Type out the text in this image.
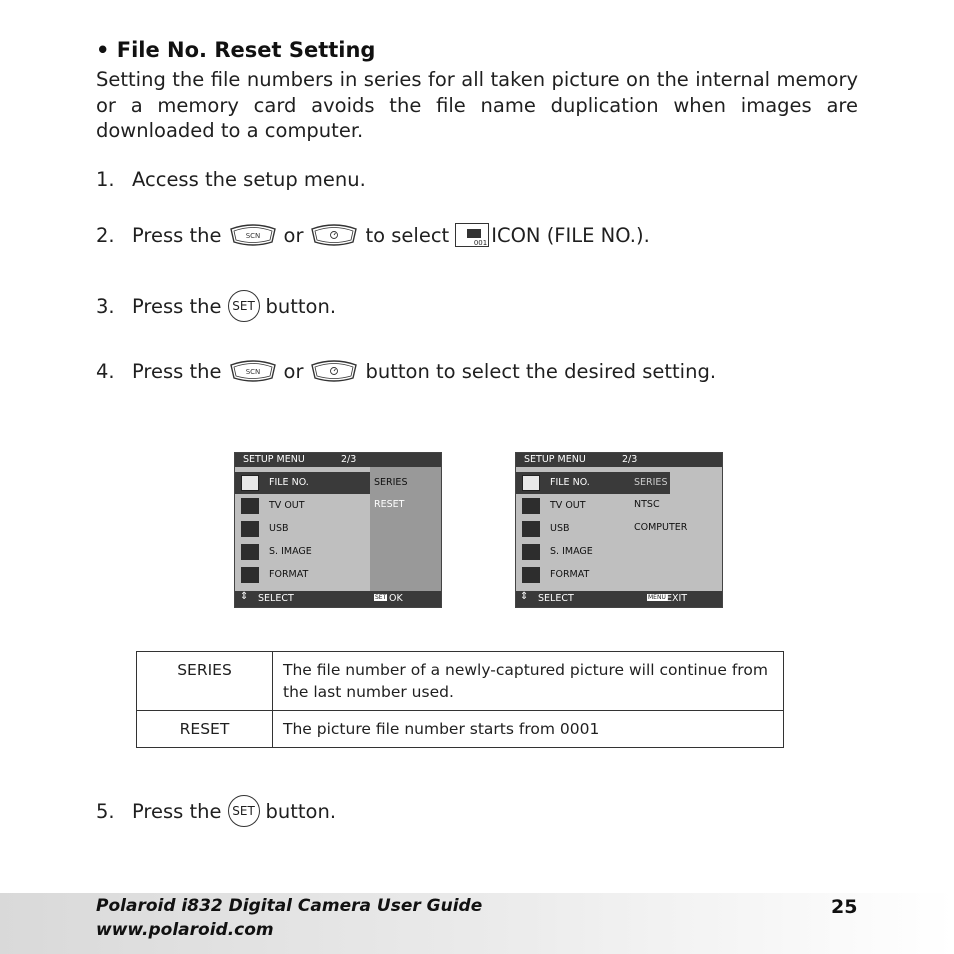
• File No. Reset Setting
Setting the file numbers in series for all taken picture on the internal memory or a memory card avoids the file name duplication when images are downloaded to a computer.
1. Access the setup menu.
2. Press the	SCN or	to select	001 ICON (FILE NO.).
3. Press the SET button.
4. Press the	SCN or	button to select the desired setting.
SETUP MENU	2/3
FILE NO.
TV OUT
USB
S. IMAGE
FORMAT
SERIES
RESET
⇕ SELECT	SET OK
SETUP MENU	2/3
FILE NO.
TV OUT
USB
S. IMAGE
FORMAT
SERIES
NTSC
COMPUTER
⇕ SELECT	MENU EXIT
SERIES	The file number of a newly-captured picture will continue from the last number used.
RESET	The picture file number starts from 0001
5. Press the SET button.
Polaroid i832 Digital Camera User Guide
www.polaroid.com
25
